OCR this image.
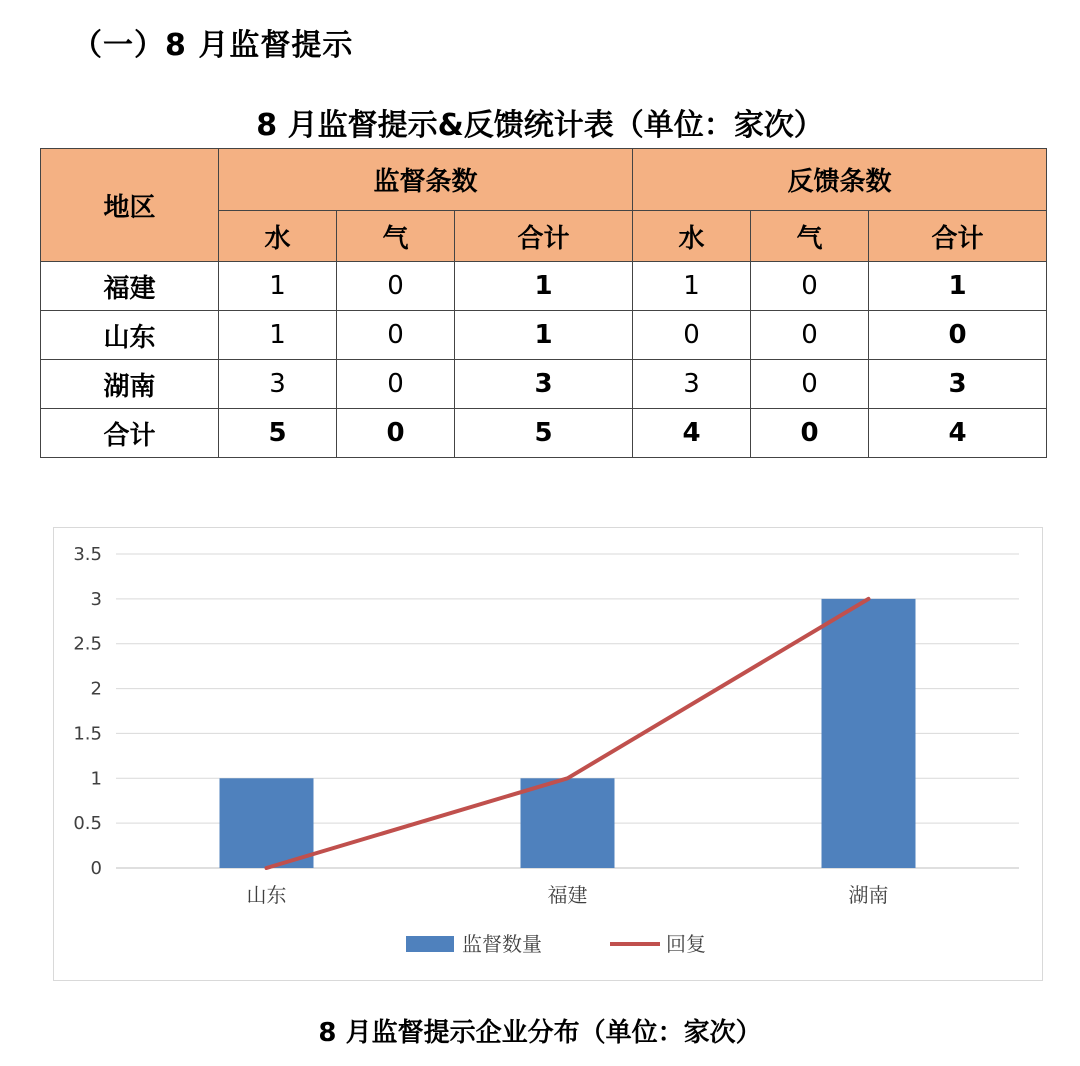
（一）8 月监督提示
8 月监督提示&反馈统计表（单位：家次）
地区	监督条数			反馈条数		
	水	气	合计	水	气	合计
福建	1	0	1	1	0	1
山东	1	0	1	0	0	0
湖南	3	0	3	3	0	3
合计	5	0	5	4	0	4
0
0.5
1
1.5
2
2.5
3
3.5
山东	福建	湖南
监督数量	回复
8 月监督提示企业分布（单位：家次）
